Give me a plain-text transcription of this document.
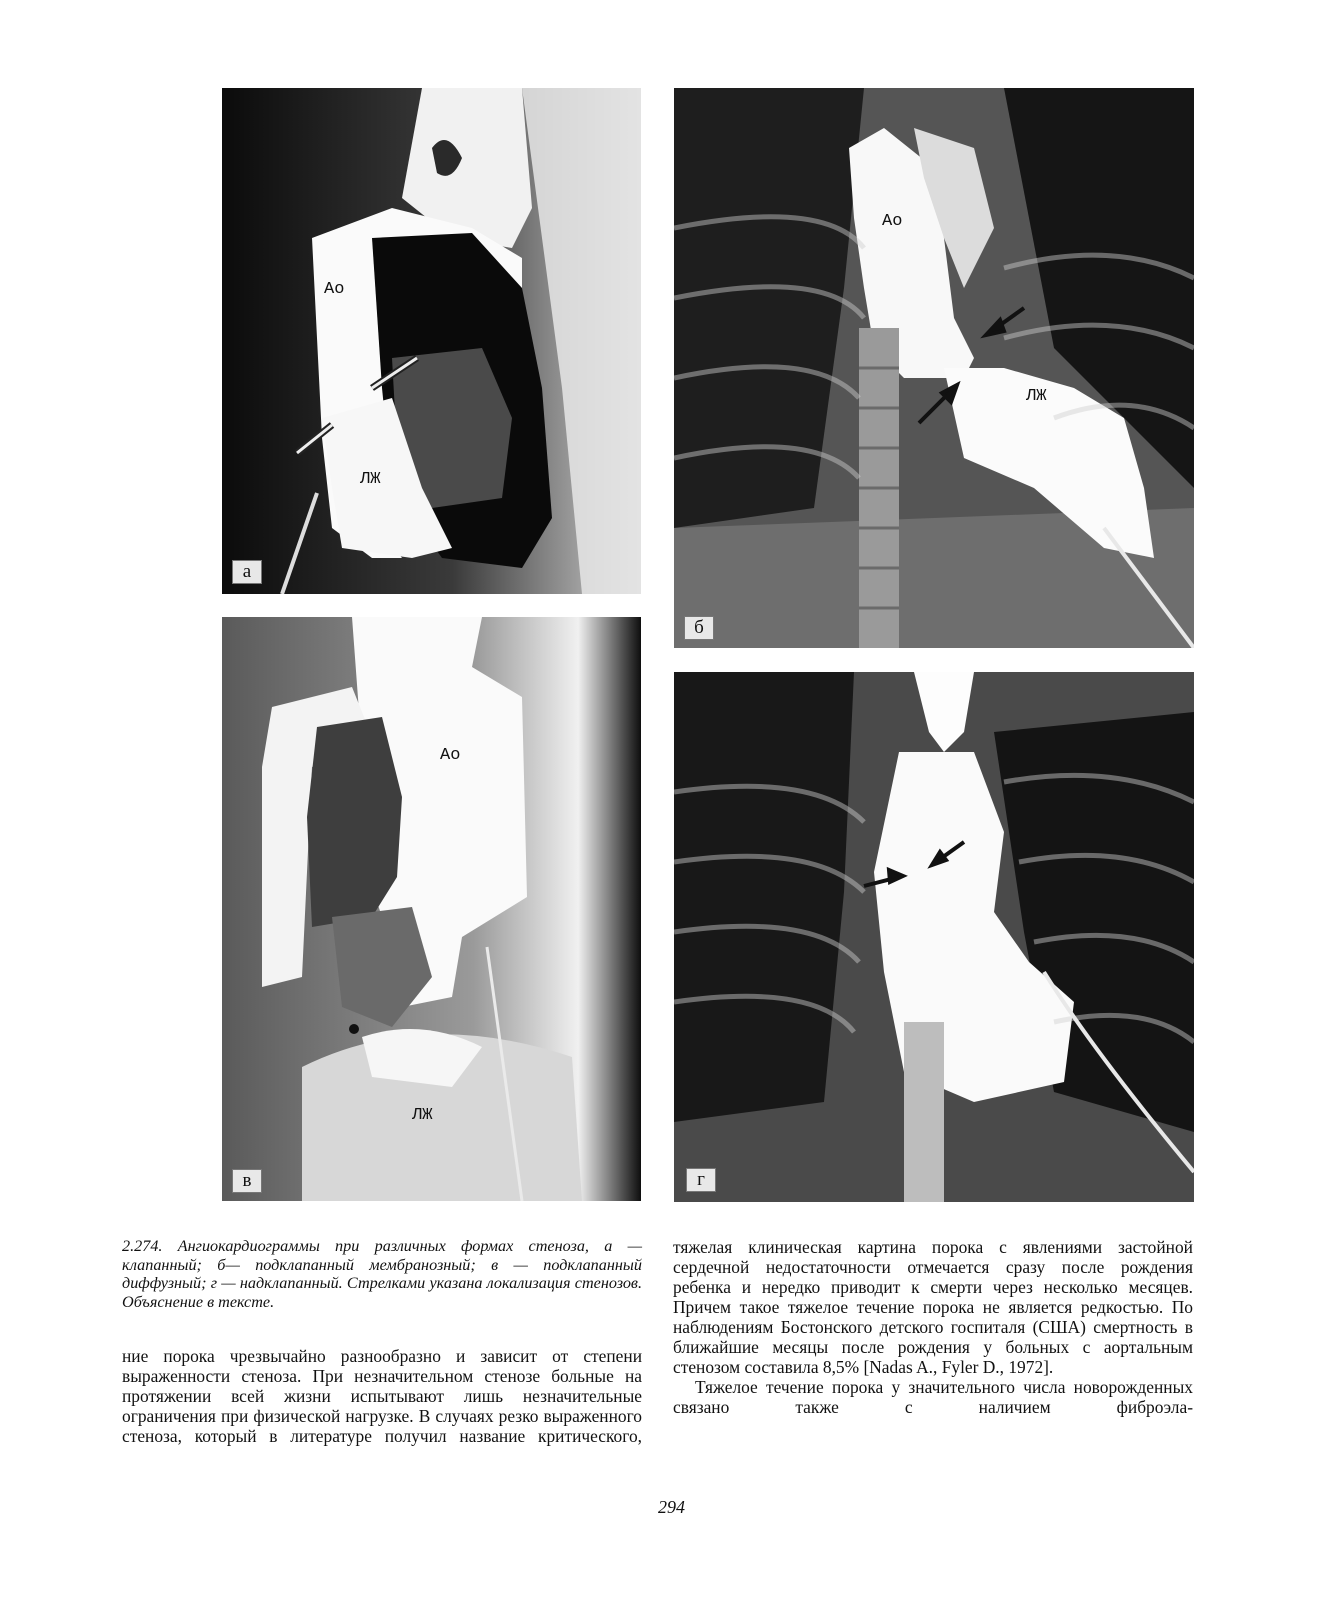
Ао
ЛЖ
а
Ао
ЛЖ
б
Ао
ЛЖ
в	г
2.274. Ангиокардиограммы при различных формах стеноза, а — клапанный; б— подклапанный мембранозный; в — подклапанный диффузный; г — надклапанный. Стрелками указана локализация стенозов. Объяснение в тексте.

ние порока чрезвычайно разнообразно и зависит от степени выраженности стеноза. При незначительном стенозе больные на протяжении всей жизни испытывают лишь незначительные ограничения при физической нагрузке. В случаях резко выраженного стеноза, который в литературе получил название критического,

тяжелая клиническая картина порока с явлениями застойной сердечной недостаточности отмечается сразу после рождения ребенка и нередко приводит к смерти через несколько месяцев. Причем такое тяжелое течение порока не является редкостью. По наблюдениям Бостонского детского госпиталя (США) смертность в ближайшие месяцы после рождения у больных с аортальным стенозом составила 8,5% [Nadas A., Fyler D., 1972].

Тяжелое течение порока у значительного числа новорожденных связано также с наличием фиброэла-

294
